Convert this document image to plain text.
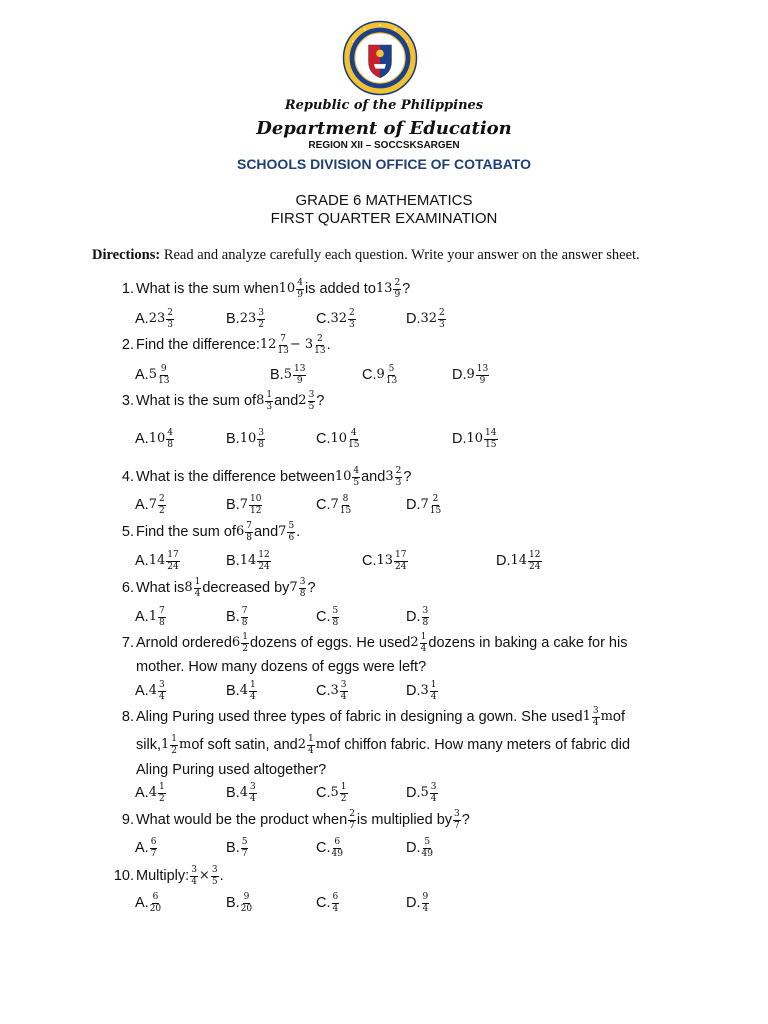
Republic of the Philippines
Department of Education
REGION XII – SOCCSKSARGEN
SCHOOLS DIVISION OFFICE OF COTABATO
GRADE 6 MATHEMATICS
FIRST QUARTER EXAMINATION
Directions: Read and analyze carefully each question. Write your answer on the answer sheet.
1. What is the sum when10 $\frac{4}{9}$ is added $to13 \frac{2}{9}$ ?
$A.23 \frac{2}{3}$	$B.23 \frac{3}{2}$	$C.32 \frac{2}{3}$	$D.32 \frac{2}{3}$
2. Find the difference:12 $\frac{7}{13} - 3 \frac{2}{13}$ .
$A.5 \frac{9}{13}$	$B.5 \frac{13}{9}$	$C.9 \frac{5}{13}$	$D.9 \frac{13}{9}$
3. What is the sum $of8 \frac{1}{3} and2 \frac{3}{5}$ ?
$A.10 \frac{4}{8}$	$B.10 \frac{3}{8}$	$C.10 \frac{4}{15}$	$D.10 \frac{14}{15}$
4. What is the difference between10 $\frac{4}{5} and3 \frac{2}{3}$ ?
$A.7 \frac{2}{2}$	$B.7 \frac{10}{12}$	$C.7 \frac{8}{15}$	$D.7 \frac{2}{15}$
5. Find the sum $of6 \frac{7}{8} and7 \frac{5}{6}$ .
$A.14 \frac{17}{24}$	$B.14 \frac{12}{24}$	$C.13 \frac{17}{24}$	$D.14 \frac{12}{24}$
6. What $is8 \frac{1}{4}$ decreased $by7 \frac{3}{8}$ ?
$A.1 \frac{7}{8}$	B. $\frac{7}{8}$	C. $\frac{5}{8}$	D. $\frac{3}{8}$
7. Arnold ordered6 $\frac{1}{2}$ dozens of eggs. He used2 $\frac{1}{4}$ dozens in baking a cake for his
mother. How many dozens of eggs were left?
$A.4 \frac{3}{4}$	$B.4 \frac{1}{4}$	$C.3 \frac{3}{4}$	$D.3 \frac{1}{4}$
8. Aling Puring used three types of fabric in designing a gown. She used1 $\frac{3}{4}$ mof
silk,1 $\frac{1}{2}$ mof soft satin, $and2 \frac{1}{4}$ mof chiffon fabric. How many meters of fabric did
Aling Puring used altogether?
$A.4 \frac{1}{2}$	$B.4 \frac{3}{4}$	$C.5 \frac{1}{2}$	$D.5 \frac{3}{4}$
9. What would be the product when $\frac{2}{7}$ is multiplied by $\frac{3}{7}$ ?
A. $\frac{6}{7}$	B. $\frac{5}{7}$	C. $\frac{6}{49}$	D. $\frac{5}{49}$
10. Multiply: $\frac{3}{4} \times \frac{3}{5}$ .
A. $\frac{6}{20}$	B. $\frac{9}{20}$	C. $\frac{6}{4}$	D. $\frac{9}{4}$
